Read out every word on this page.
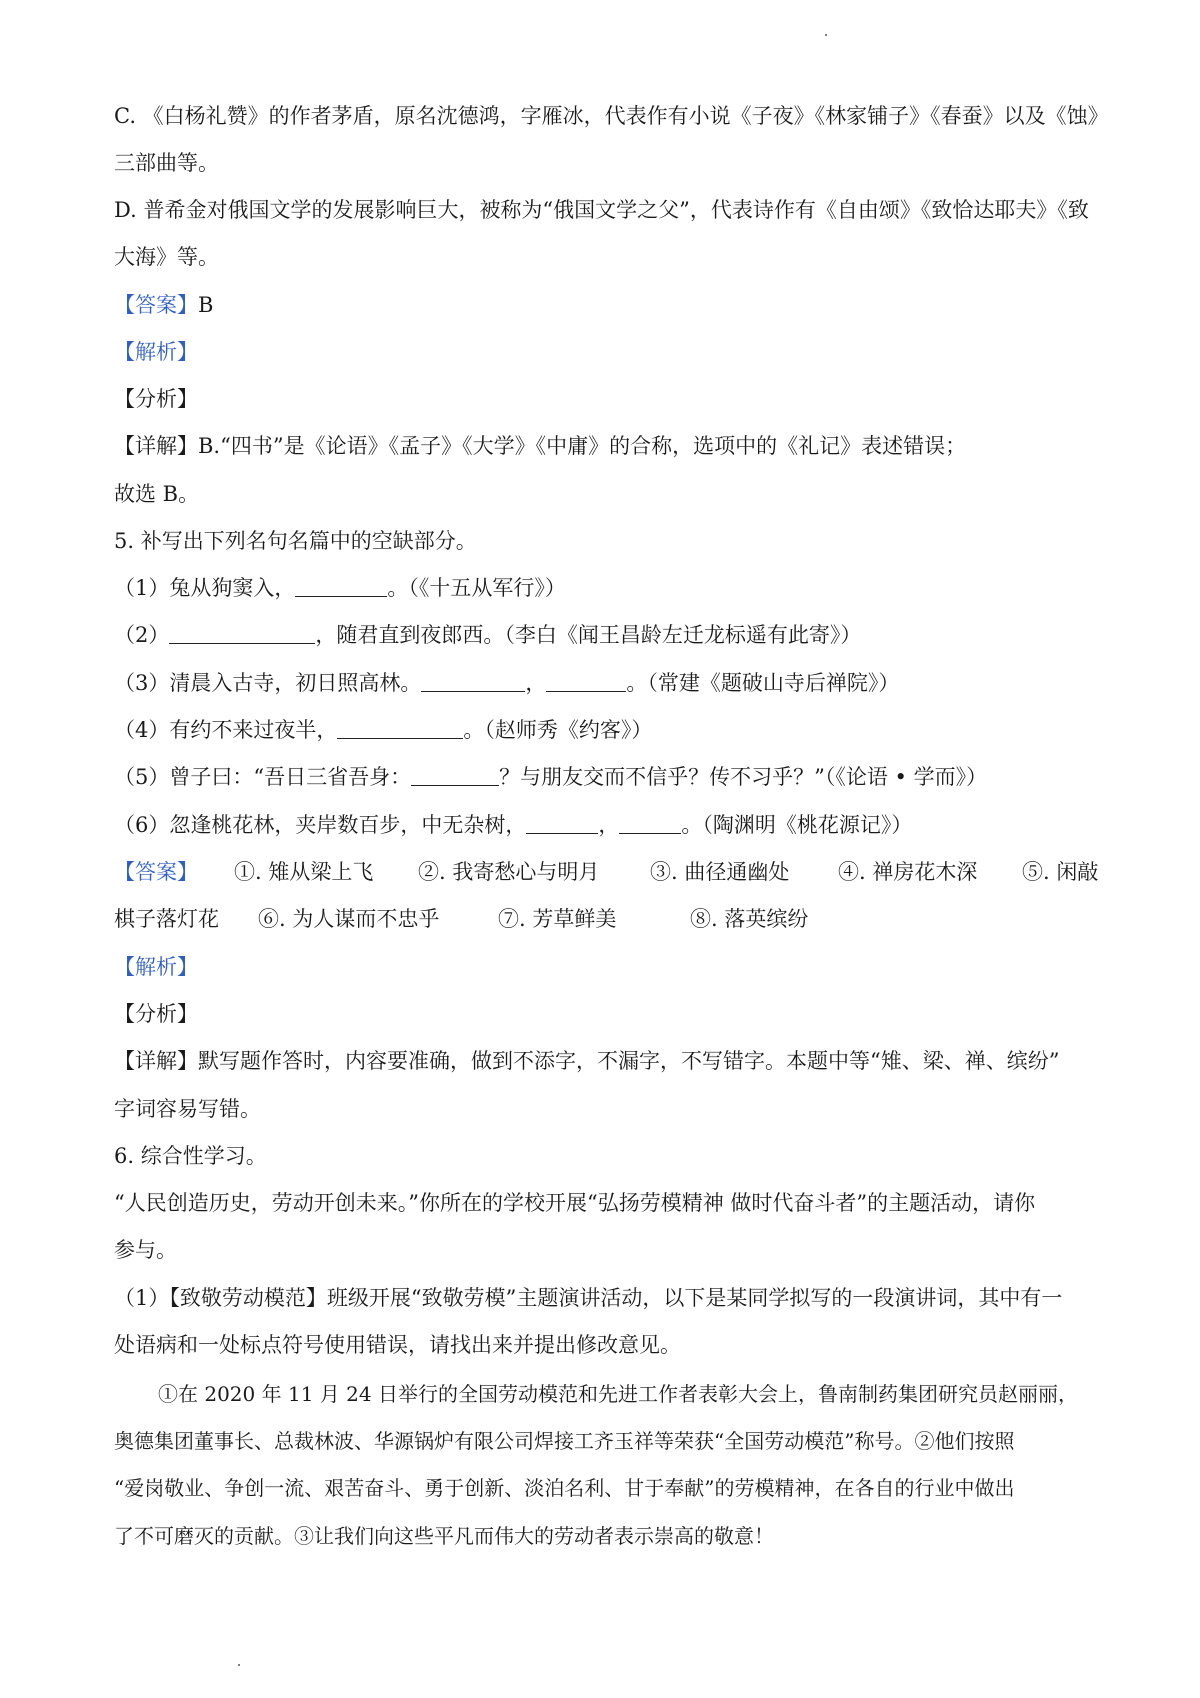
C. 《白杨礼赞》的作者茅盾，原名沈德鸿，字雁冰，代表作有小说《子夜》《林家铺子》《春蚕》以及《蚀》
三部曲等。
D. 普希金对俄国文学的发展影响巨大，被称为“俄国文学之父”，代表诗作有《自由颂》《致恰达耶夫》《致
大海》等。
【答案】B
【解析】
【分析】
【详解】B.“四书”是《论语》《孟子》《大学》《中庸》的合称，选项中的《礼记》表述错误；
故选 B。
5. 补写出下列名句名篇中的空缺部分。
（1）兔从狗窦入，	。（《十五从军行》）
（2）	，随君直到夜郎西。（李白《闻王昌龄左迁龙标遥有此寄》）
（3）清晨入古寺，初日照高林。	，	。（常建《题破山寺后禅院》）
（4）有约不来过夜半，	。（赵师秀《约客》）
（5）曾子曰：“吾日三省吾身：	？与朋友交而不信乎？传不习乎？”（《论语 • 学而》）
（6）忽逢桃花林，夹岸数百步，中无杂树，	，	。（陶渊明《桃花源记》）
【答案】 ①. 雉从梁上飞 ②. 我寄愁心与明月 ③. 曲径通幽处 ④. 禅房花木深 ⑤. 闲敲
棋子落灯花 ⑥. 为人谋而不忠乎	⑦. 芳草鲜美	⑧. 落英缤纷
【解析】
【分析】
【详解】默写题作答时，内容要准确，做到不添字，不漏字，不写错字。本题中等“雉、梁、禅、缤纷”
字词容易写错。
6. 综合性学习。
“人民创造历史，劳动开创未来。”你所在的学校开展“弘扬劳模精神 做时代奋斗者”的主题活动，请你
参与。
（1）【致敬劳动模范】班级开展“致敬劳模”主题演讲活动，以下是某同学拟写的一段演讲词，其中有一
处语病和一处标点符号使用错误，请找出来并提出修改意见。
①在 2020 年 11 月 24 日举行的全国劳动模范和先进工作者表彰大会上，鲁南制药集团研究员赵丽丽，
奥德集团董事长、总裁林波、华源锅炉有限公司焊接工齐玉祥等荣获“全国劳动模范”称号。②他们按照
“爱岗敬业、争创一流、艰苦奋斗、勇于创新、淡泊名利、甘于奉献”的劳模精神，在各自的行业中做出
了不可磨灭的贡献。③让我们向这些平凡而伟大的劳动者表示崇高的敬意！
